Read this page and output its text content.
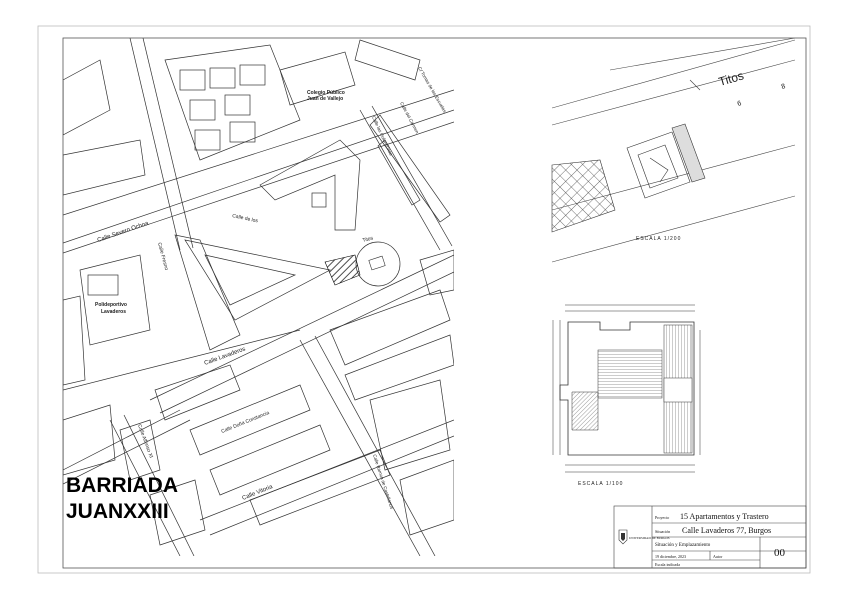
Calle Severo Ochoa
Calle de los
Calle Lavaderos
Calle Doña Constancia
Calle Vitoria
Calle Alfonso XI
Calle Fresno
C/ Tomas de las Escuelas
Calle del Carmen
Calle las Golondrinas
Calle Ramon de Castellanos
Titos
Colegio Público
Juan de Vallejo
Polideportivo
Lavaderos
BARRIADA
JUANXXIII
Titos
6
8
ESCALA 1/200
ESCALA 1/100
UNIVERSIDAD DE BURGOS
Proyecto 15 Apartamentos y Trastero
Situación Calle Lavaderos 77, Burgos
Situación y Emplazamiento
19 diciembre, 2023	Autor
Escala indicada
00
